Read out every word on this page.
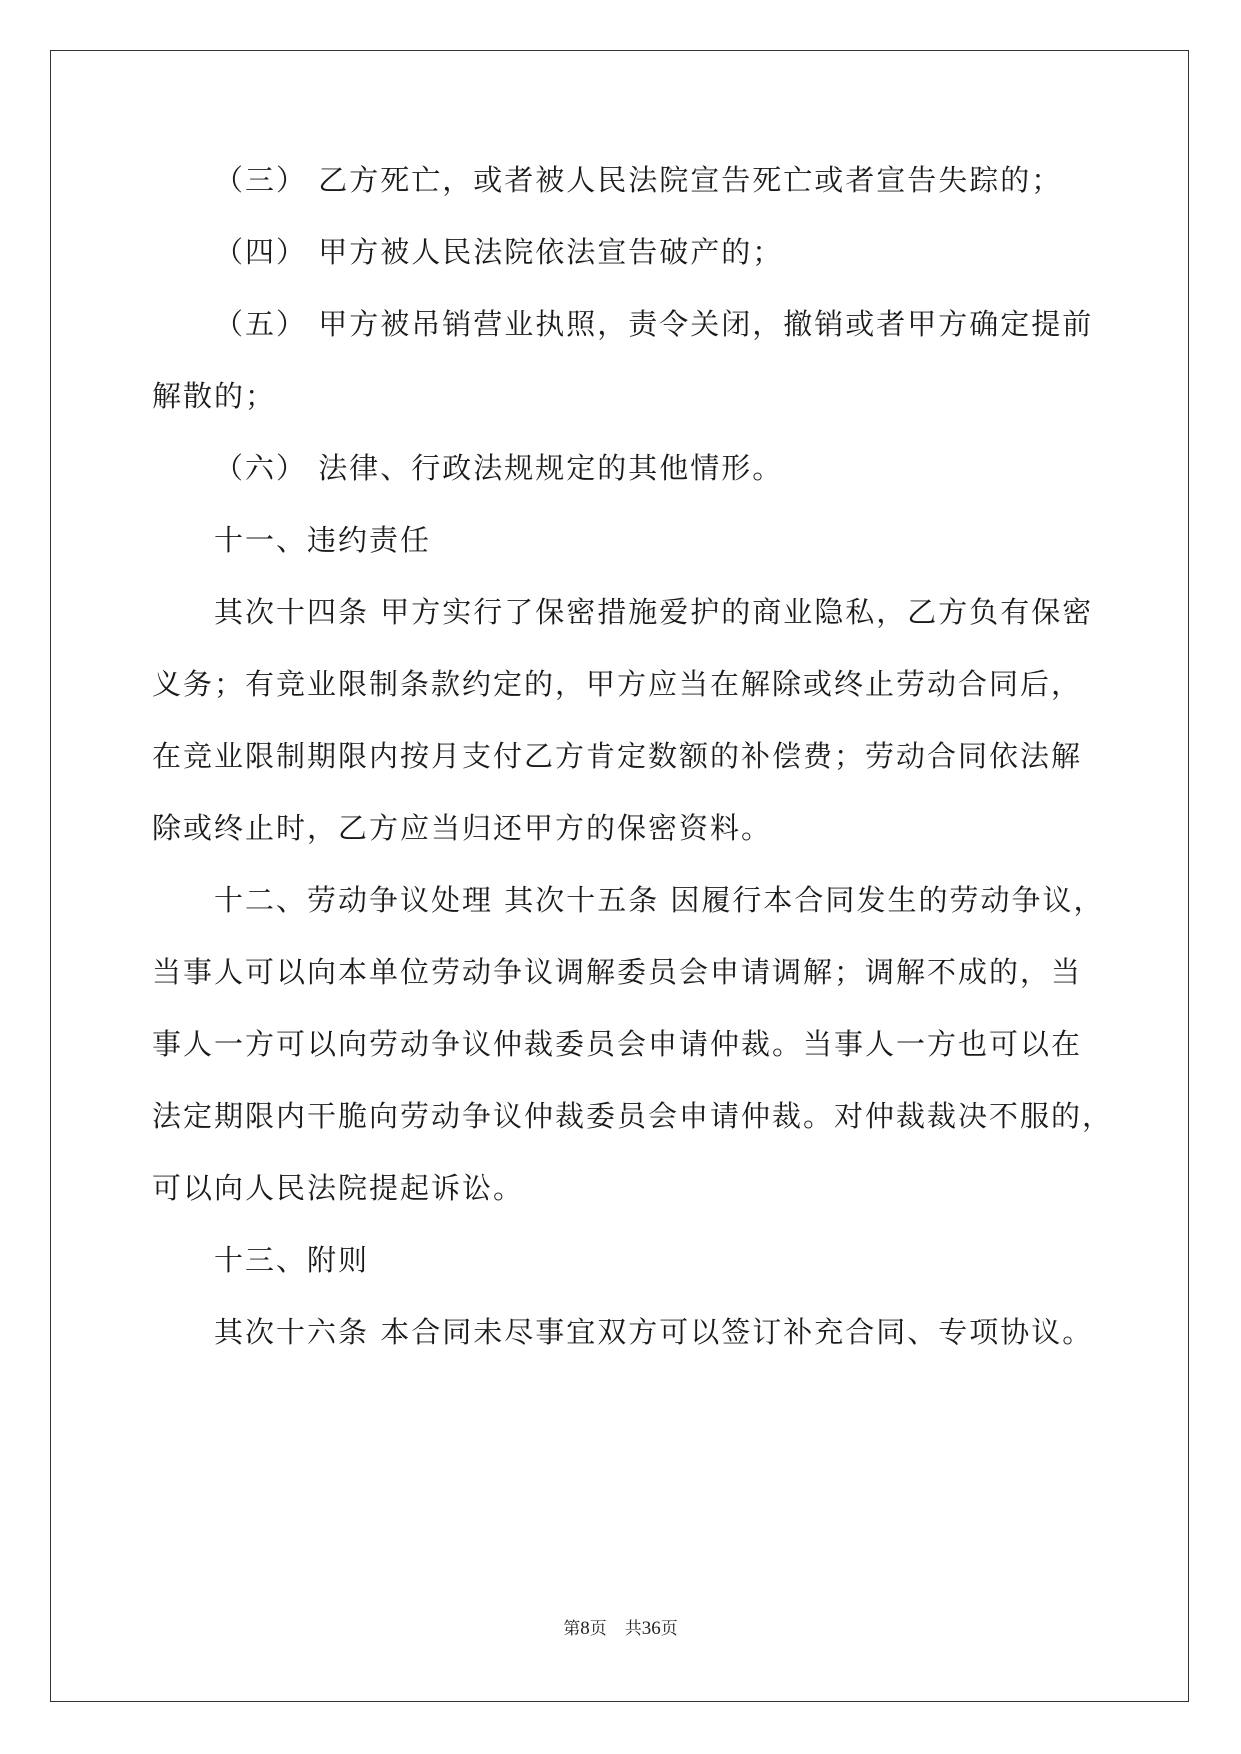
（三） 乙方死亡，或者被人民法院宣告死亡或者宣告失踪的；
（四） 甲方被人民法院依法宣告破产的；
（五） 甲方被吊销营业执照，责令关闭，撤销或者甲方确定提前
解散的；
（六） 法律、行政法规规定的其他情形。
十一、违约责任
其次十四条 甲方实行了保密措施爱护的商业隐私，乙方负有保密
义务；有竞业限制条款约定的，甲方应当在解除或终止劳动合同后，
在竞业限制期限内按月支付乙方肯定数额的补偿费；劳动合同依法解
除或终止时，乙方应当归还甲方的保密资料。
十二、劳动争议处理 其次十五条 因履行本合同发生的劳动争议，
当事人可以向本单位劳动争议调解委员会申请调解；调解不成的，当
事人一方可以向劳动争议仲裁委员会申请仲裁。当事人一方也可以在
法定期限内干脆向劳动争议仲裁委员会申请仲裁。对仲裁裁决不服的，
可以向人民法院提起诉讼。
十三、附则
其次十六条 本合同未尽事宜双方可以签订补充合同、专项协议。
第8页 共36页
